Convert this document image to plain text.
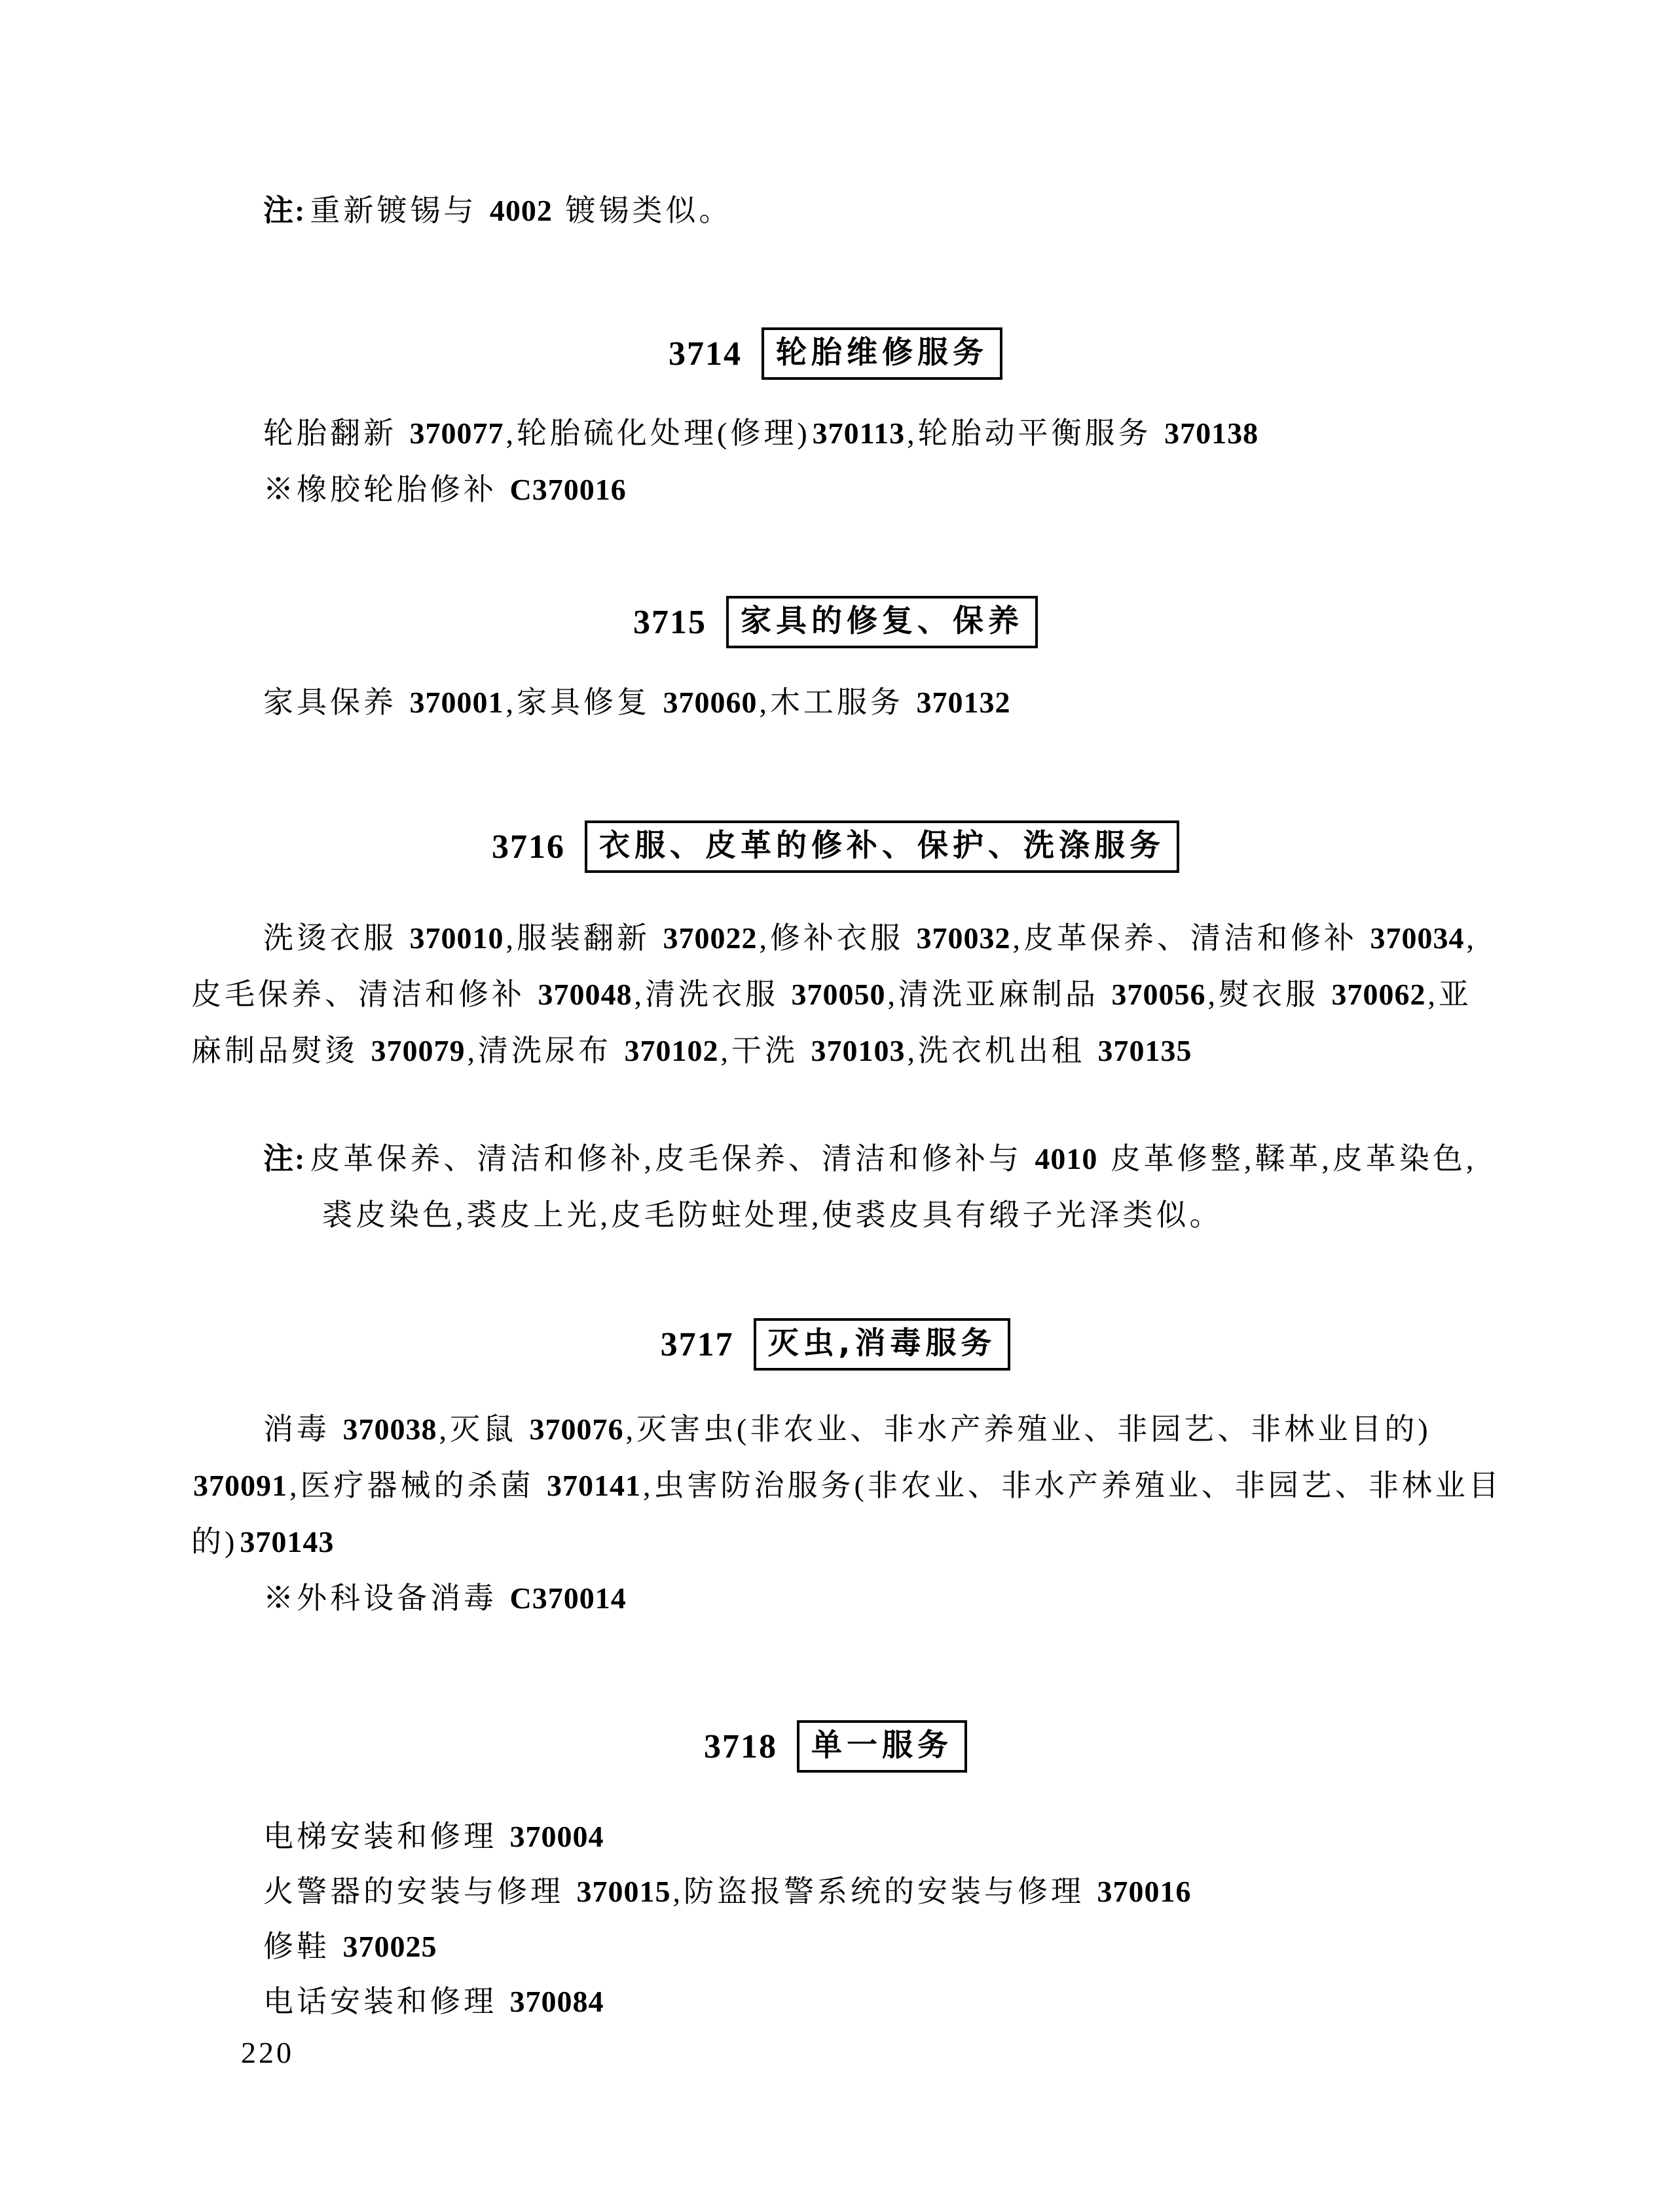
注: 重新镀锡与 4002 镀锡类似。
3714	轮胎维修服务
轮胎翻新 370077,轮胎硫化处理(修理)370113,轮胎动平衡服务 370138
※橡胶轮胎修补 C370016
3715	家具的修复、保养
家具保养 370001,家具修复 370060,木工服务 370132
3716	衣服、皮革的修补、保护、洗涤服务
洗烫衣服 370010,服装翻新 370022,修补衣服 370032,皮革保养、清洁和修补 370034,
皮毛保养、清洁和修补 370048,清洗衣服 370050,清洗亚麻制品 370056,熨衣服 370062,亚
麻制品熨烫 370079,清洗尿布 370102,干洗 370103,洗衣机出租 370135
注: 皮革保养、清洁和修补,皮毛保养、清洁和修补与 4010 皮革修整,鞣革,皮革染色,
裘皮染色,裘皮上光,皮毛防蛀处理,使裘皮具有缎子光泽类似。
3717	灭虫,消毒服务
消毒 370038,灭鼠 370076,灭害虫(非农业、非水产养殖业、非园艺、非林业目的)
370091,医疗器械的杀菌 370141,虫害防治服务(非农业、非水产养殖业、非园艺、非林业目
的)370143
※外科设备消毒 C370014
3718	单一服务
电梯安装和修理 370004
火警器的安装与修理 370015,防盗报警系统的安装与修理 370016
修鞋 370025
电话安装和修理 370084
220
